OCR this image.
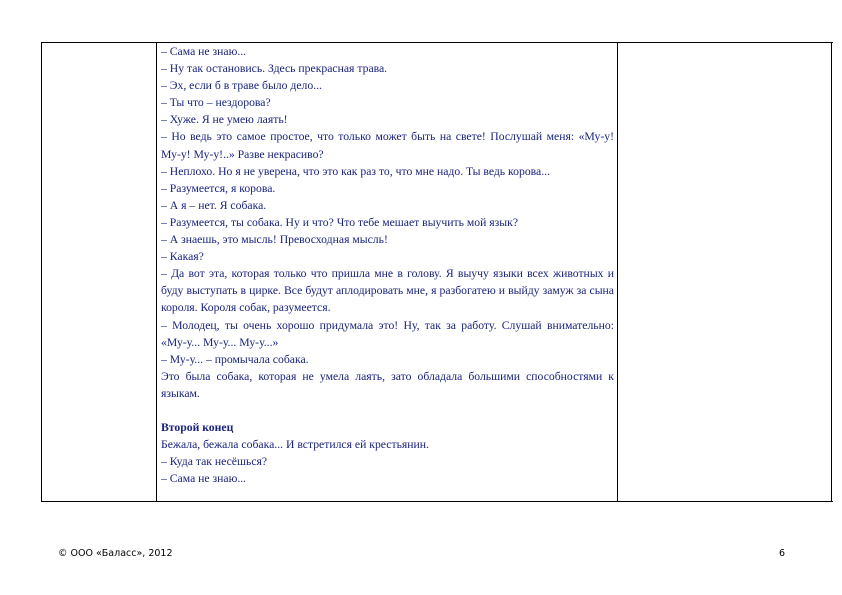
– Сама не знаю...
– Ну так остановись. Здесь прекрасная трава.
– Эх, если б в траве было дело...
– Ты что – нездорова?
– Хуже. Я не умею лаять!
– Но ведь это самое простое, что только может быть на свете! Послушай меня: «Му-у! Му-у! Му-у!..» Разве некрасиво?
– Неплохо. Но я не уверена, что это как раз то, что мне надо. Ты ведь корова...
– Разумеется, я корова.
– А я – нет. Я собака.
– Разумеется, ты собака. Ну и что? Что тебе мешает выучить мой язык?
– А знаешь, это мысль! Превосходная мысль!
– Какая?
– Да вот эта, которая только что пришла мне в голову. Я выучу языки всех животных и буду выступать в цирке. Все будут аплодировать мне, я разбогатею и выйду замуж за сына короля. Короля собак, разумеется.
– Молодец, ты очень хорошо придумала это! Ну, так за работу. Слушай внимательно: «Му-у... Му-у... Му-у...»
– Му-у... – промычала собака.
Это была собака, которая не умела лаять, зато обладала большими способностями к языкам.
Второй конец
Бежала, бежала собака... И встретился ей крестьянин.
– Куда так несёшься?
– Сама не знаю...
© ООО «Баласс», 2012	6
